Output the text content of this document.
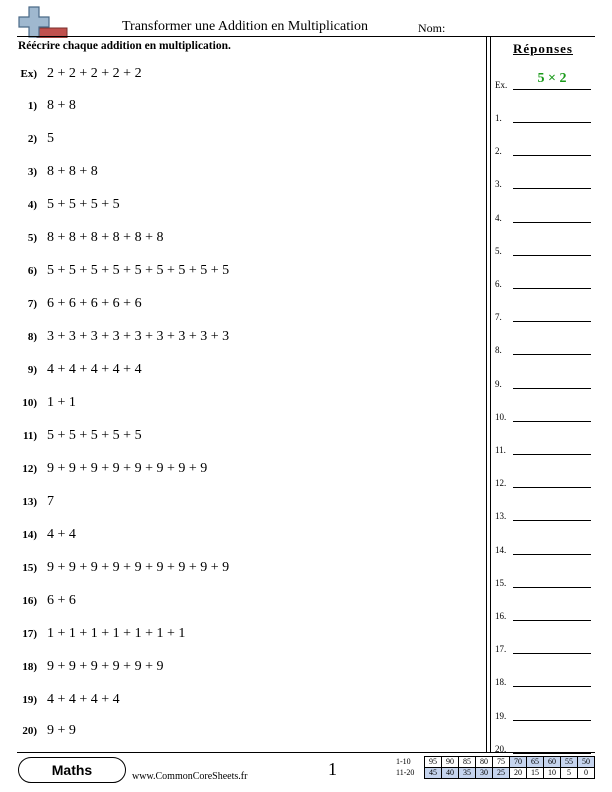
Transformer une Addition en Multiplication	Nom:
Réécrire chaque addition en multiplication.
Ex) 2 + 2 + 2 + 2 + 2
1) 8 + 8
2) 5
3) 8 + 8 + 8
4) 5 + 5 + 5 + 5
5) 8 + 8 + 8 + 8 + 8 + 8
6) 5 + 5 + 5 + 5 + 5 + 5 + 5 + 5 + 5
7) 6 + 6 + 6 + 6 + 6
8) 3 + 3 + 3 + 3 + 3 + 3 + 3 + 3 + 3
9) 4 + 4 + 4 + 4 + 4
10) 1 + 1
11) 5 + 5 + 5 + 5 + 5
12) 9 + 9 + 9 + 9 + 9 + 9 + 9 + 9
13) 7
14) 4 + 4
15) 9 + 9 + 9 + 9 + 9 + 9 + 9 + 9 + 9
16) 6 + 6
17) 1 + 1 + 1 + 1 + 1 + 1 + 1
18) 9 + 9 + 9 + 9 + 9 + 9
19) 4 + 4 + 4 + 4
20) 9 + 9
Réponses
Ex.	5 × 2
1.
2.
3.
4.
5.
6.
7.
8.
9.
10.
11.
12.
13.
14.
15.
16.
17.
18.
19.
20.
Maths	www.CommonCoreSheets.fr	1	1-10	95	90	85	80	75	70	65	60	55	50
11-20	45	40	35	30	25	20	15	10	5	0
